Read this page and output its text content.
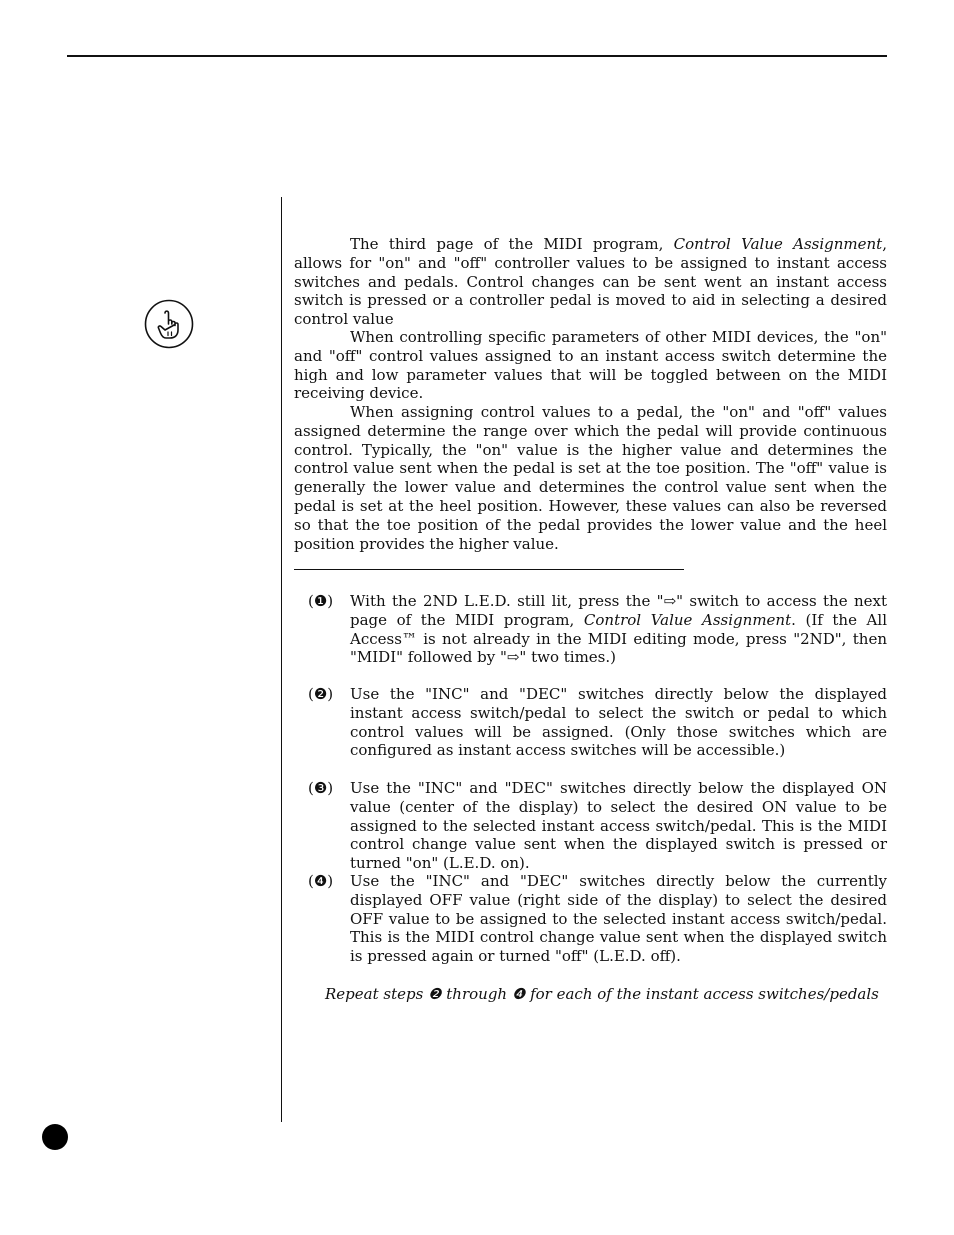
The third page of the MIDI program, Control Value Assignment, allows for "on" and "off" controller values to be assigned to instant access switches and pedals. Control changes can be sent went an instant access switch is pressed or a controller pedal is moved to aid in selecting a desired control value

When controlling specific parameters of other MIDI devices, the "on" and "off" control values assigned to an instant access switch determine the high and low parameter values that will be toggled between on the MIDI receiving device.

When assigning control values to a pedal, the "on" and "off" values assigned determine the range over which the pedal will provide continuous control. Typically, the "on" value is the higher value and determines the control value sent when the pedal is set at the toe position. The "off" value is generally the lower value and determines the control value sent when the pedal is set at the heel position. However, these values can also be reversed so that the toe position of the pedal provides the lower value and the heel position provides the higher value.

(❶) With the 2ND L.E.D. still lit, press the "⇨" switch to access the next page of the MIDI program, Control Value Assignment. (If the All Access™ is not already in the MIDI editing mode, press "2ND", then "MIDI" followed by "⇨" two times.)

(❷) Use the "INC" and "DEC" switches directly below the displayed instant access switch/pedal to select the switch or pedal to which control values will be assigned. (Only those switches which are configured as instant access switches will be accessible.)

(❸) Use the "INC" and "DEC" switches directly below the displayed ON value (center of the display) to select the desired ON value to be assigned to the selected instant access switch/pedal. This is the MIDI control change value sent when the displayed switch is pressed or turned "on" (L.E.D. on).

(❹) Use the "INC" and "DEC" switches directly below the currently displayed OFF value (right side of the display) to select the desired OFF value to be assigned to the selected instant access switch/pedal. This is the MIDI control change value sent when the displayed switch is pressed again or turned "off" (L.E.D. off).

Repeat steps ❷ through ❹ for each of the instant access switches/pedals
